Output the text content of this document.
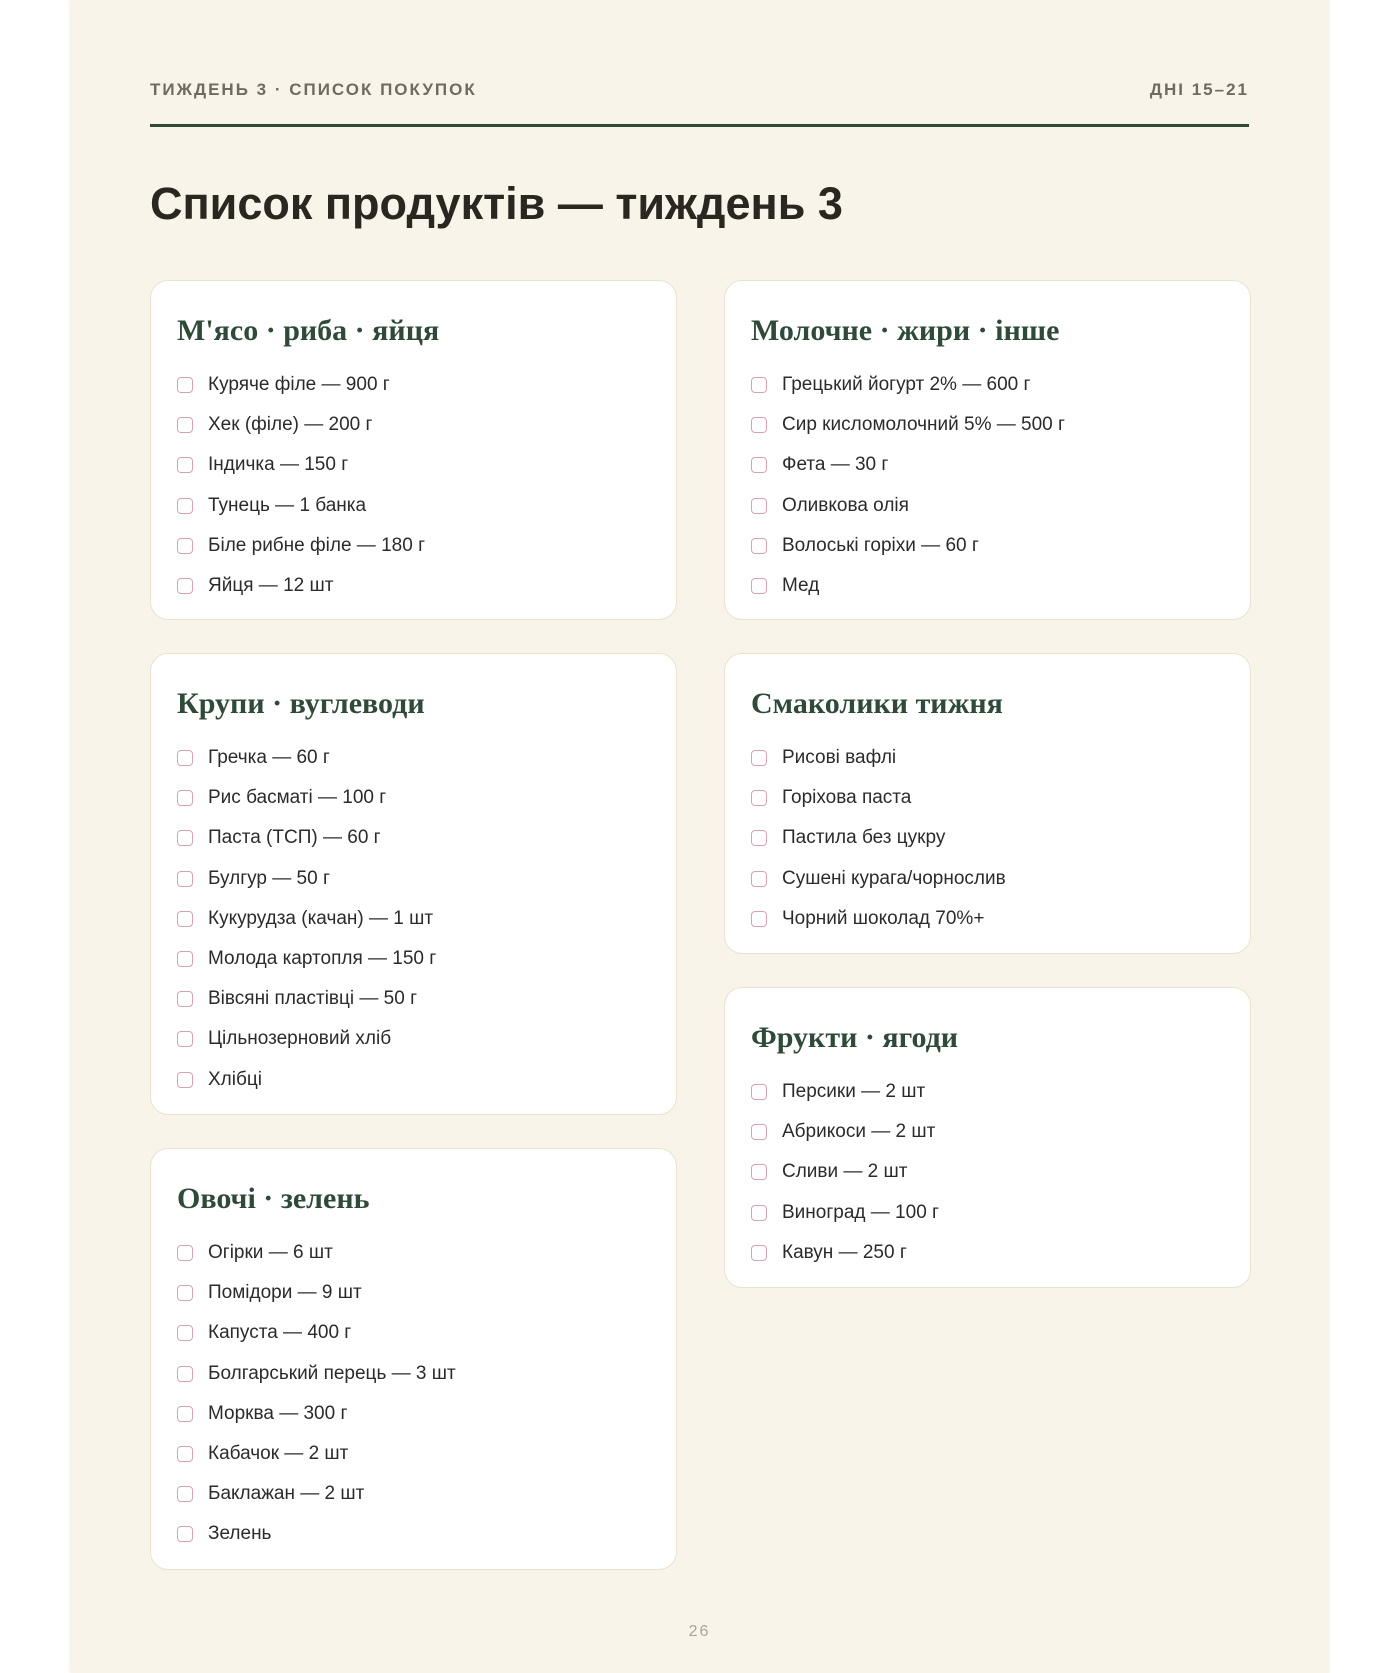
ТИЖДЕНЬ 3 · СПИСОК ПОКУПОК	ДНІ 15–21
Список продуктів — тиждень 3
М'ясо · риба · яйця
Куряче філе — 900 г
Хек (філе) — 200 г
Індичка — 150 г
Тунець — 1 банка
Біле рибне філе — 180 г
Яйця — 12 шт
Молочне · жири · інше
Грецький йогурт 2% — 600 г
Сир кисломолочний 5% — 500 г
Фета — 30 г
Оливкова олія
Волоські горіхи — 60 г
Мед
Крупи · вуглеводи
Гречка — 60 г
Рис басматі — 100 г
Паста (ТСП) — 60 г
Булгур — 50 г
Кукурудза (качан) — 1 шт
Молода картопля — 150 г
Вівсяні пластівці — 50 г
Цільнозерновий хліб
Хлібці
Смаколики тижня
Рисові вафлі
Горіхова паста
Пастила без цукру
Сушені курага/чорнослив
Чорний шоколад 70%+
Овочі · зелень
Огірки — 6 шт
Помідори — 9 шт
Капуста — 400 г
Болгарський перець — 3 шт
Морква — 300 г
Кабачок — 2 шт
Баклажан — 2 шт
Зелень
Фрукти · ягоди
Персики — 2 шт
Абрикоси — 2 шт
Сливи — 2 шт
Виноград — 100 г
Кавун — 250 г
26
